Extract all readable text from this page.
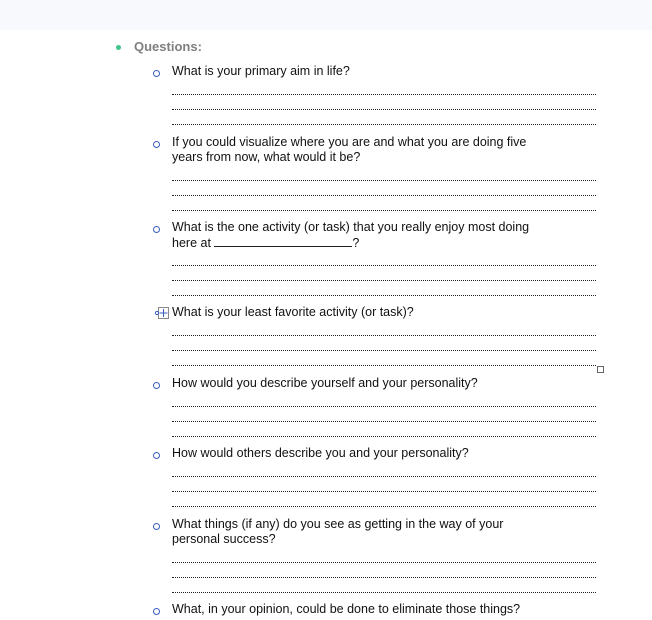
Questions:
What is your primary aim in life?
If you could visualize where you are and what you are doing five years from now, what would it be?
What is the one activity (or task) that you really enjoy most doing here at	?
What is your least favorite activity (or task)?
How would you describe yourself and your personality?
How would others describe you and your personality?
What things (if any) do you see as getting in the way of your personal success?
What, in your opinion, could be done to eliminate those things?
